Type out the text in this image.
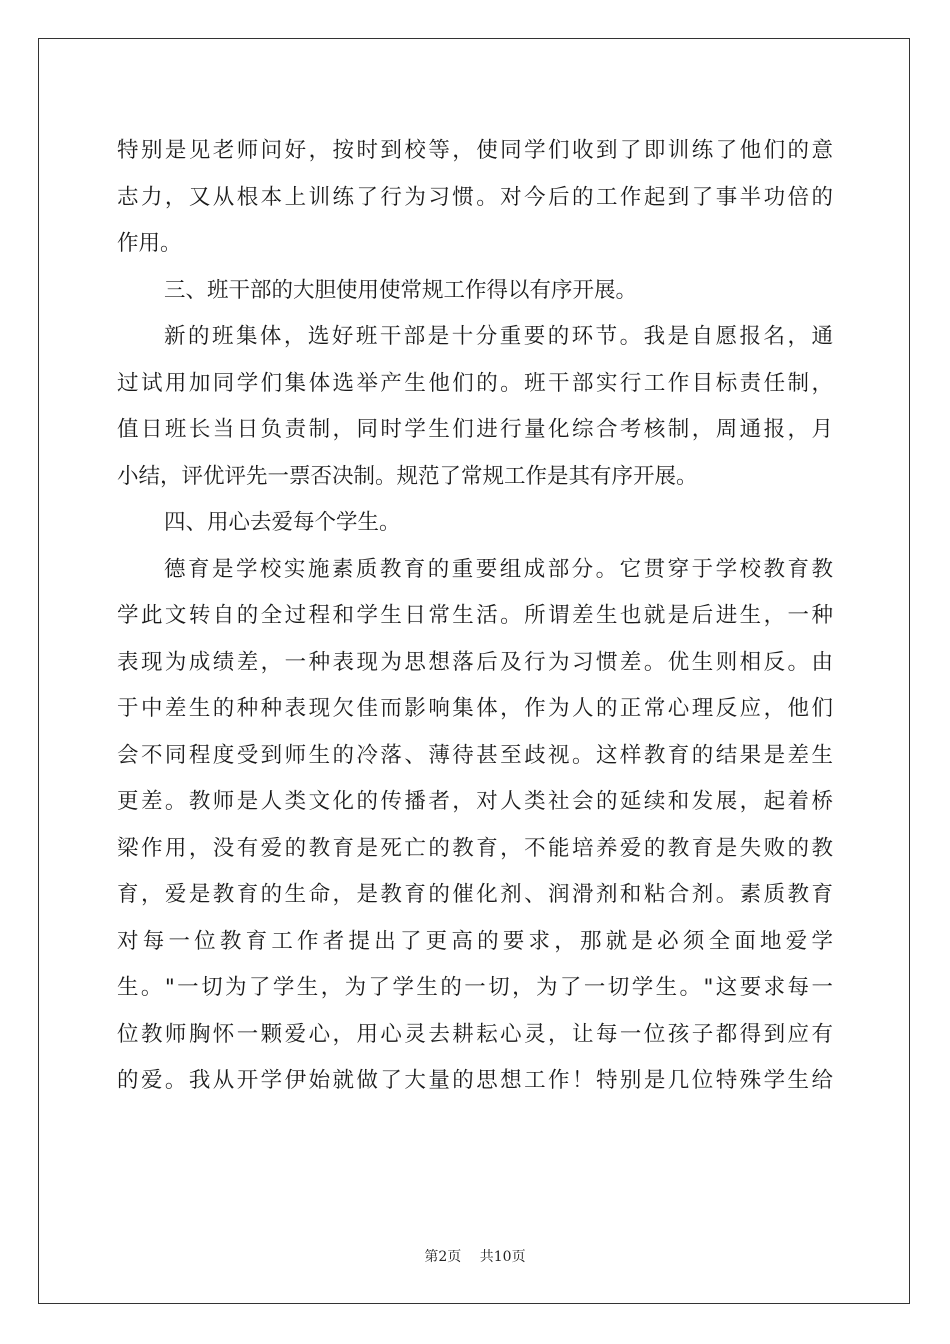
特别是见老师问好，按时到校等，使同学们收到了即训练了他们的意
志力，又从根本上训练了行为习惯。对今后的工作起到了事半功倍的
作用。
三、班干部的大胆使用使常规工作得以有序开展。
新的班集体，选好班干部是十分重要的环节。我是自愿报名，通
过试用加同学们集体选举产生他们的。班干部实行工作目标责任制，
值日班长当日负责制，同时学生们进行量化综合考核制，周通报，月
小结，评优评先一票否决制。规范了常规工作是其有序开展。
四、用心去爱每个学生。
德育是学校实施素质教育的重要组成部分。它贯穿于学校教育教
学此文转自的全过程和学生日常生活。所谓差生也就是后进生，一种
表现为成绩差，一种表现为思想落后及行为习惯差。优生则相反。由
于中差生的种种表现欠佳而影响集体，作为人的正常心理反应，他们
会不同程度受到师生的冷落、薄待甚至歧视。这样教育的结果是差生
更差。教师是人类文化的传播者，对人类社会的延续和发展，起着桥
梁作用，没有爱的教育是死亡的教育，不能培养爱的教育是失败的教
育，爱是教育的生命，是教育的催化剂、润滑剂和粘合剂。素质教育
对每一位教育工作者提出了更高的要求，那就是必须全面地爱学
生。"一切为了学生，为了学生的一切，为了一切学生。"这要求每一
位教师胸怀一颗爱心，用心灵去耕耘心灵，让每一位孩子都得到应有
的爱。我从开学伊始就做了大量的思想工作！特别是几位特殊学生给
第2页 共10页
